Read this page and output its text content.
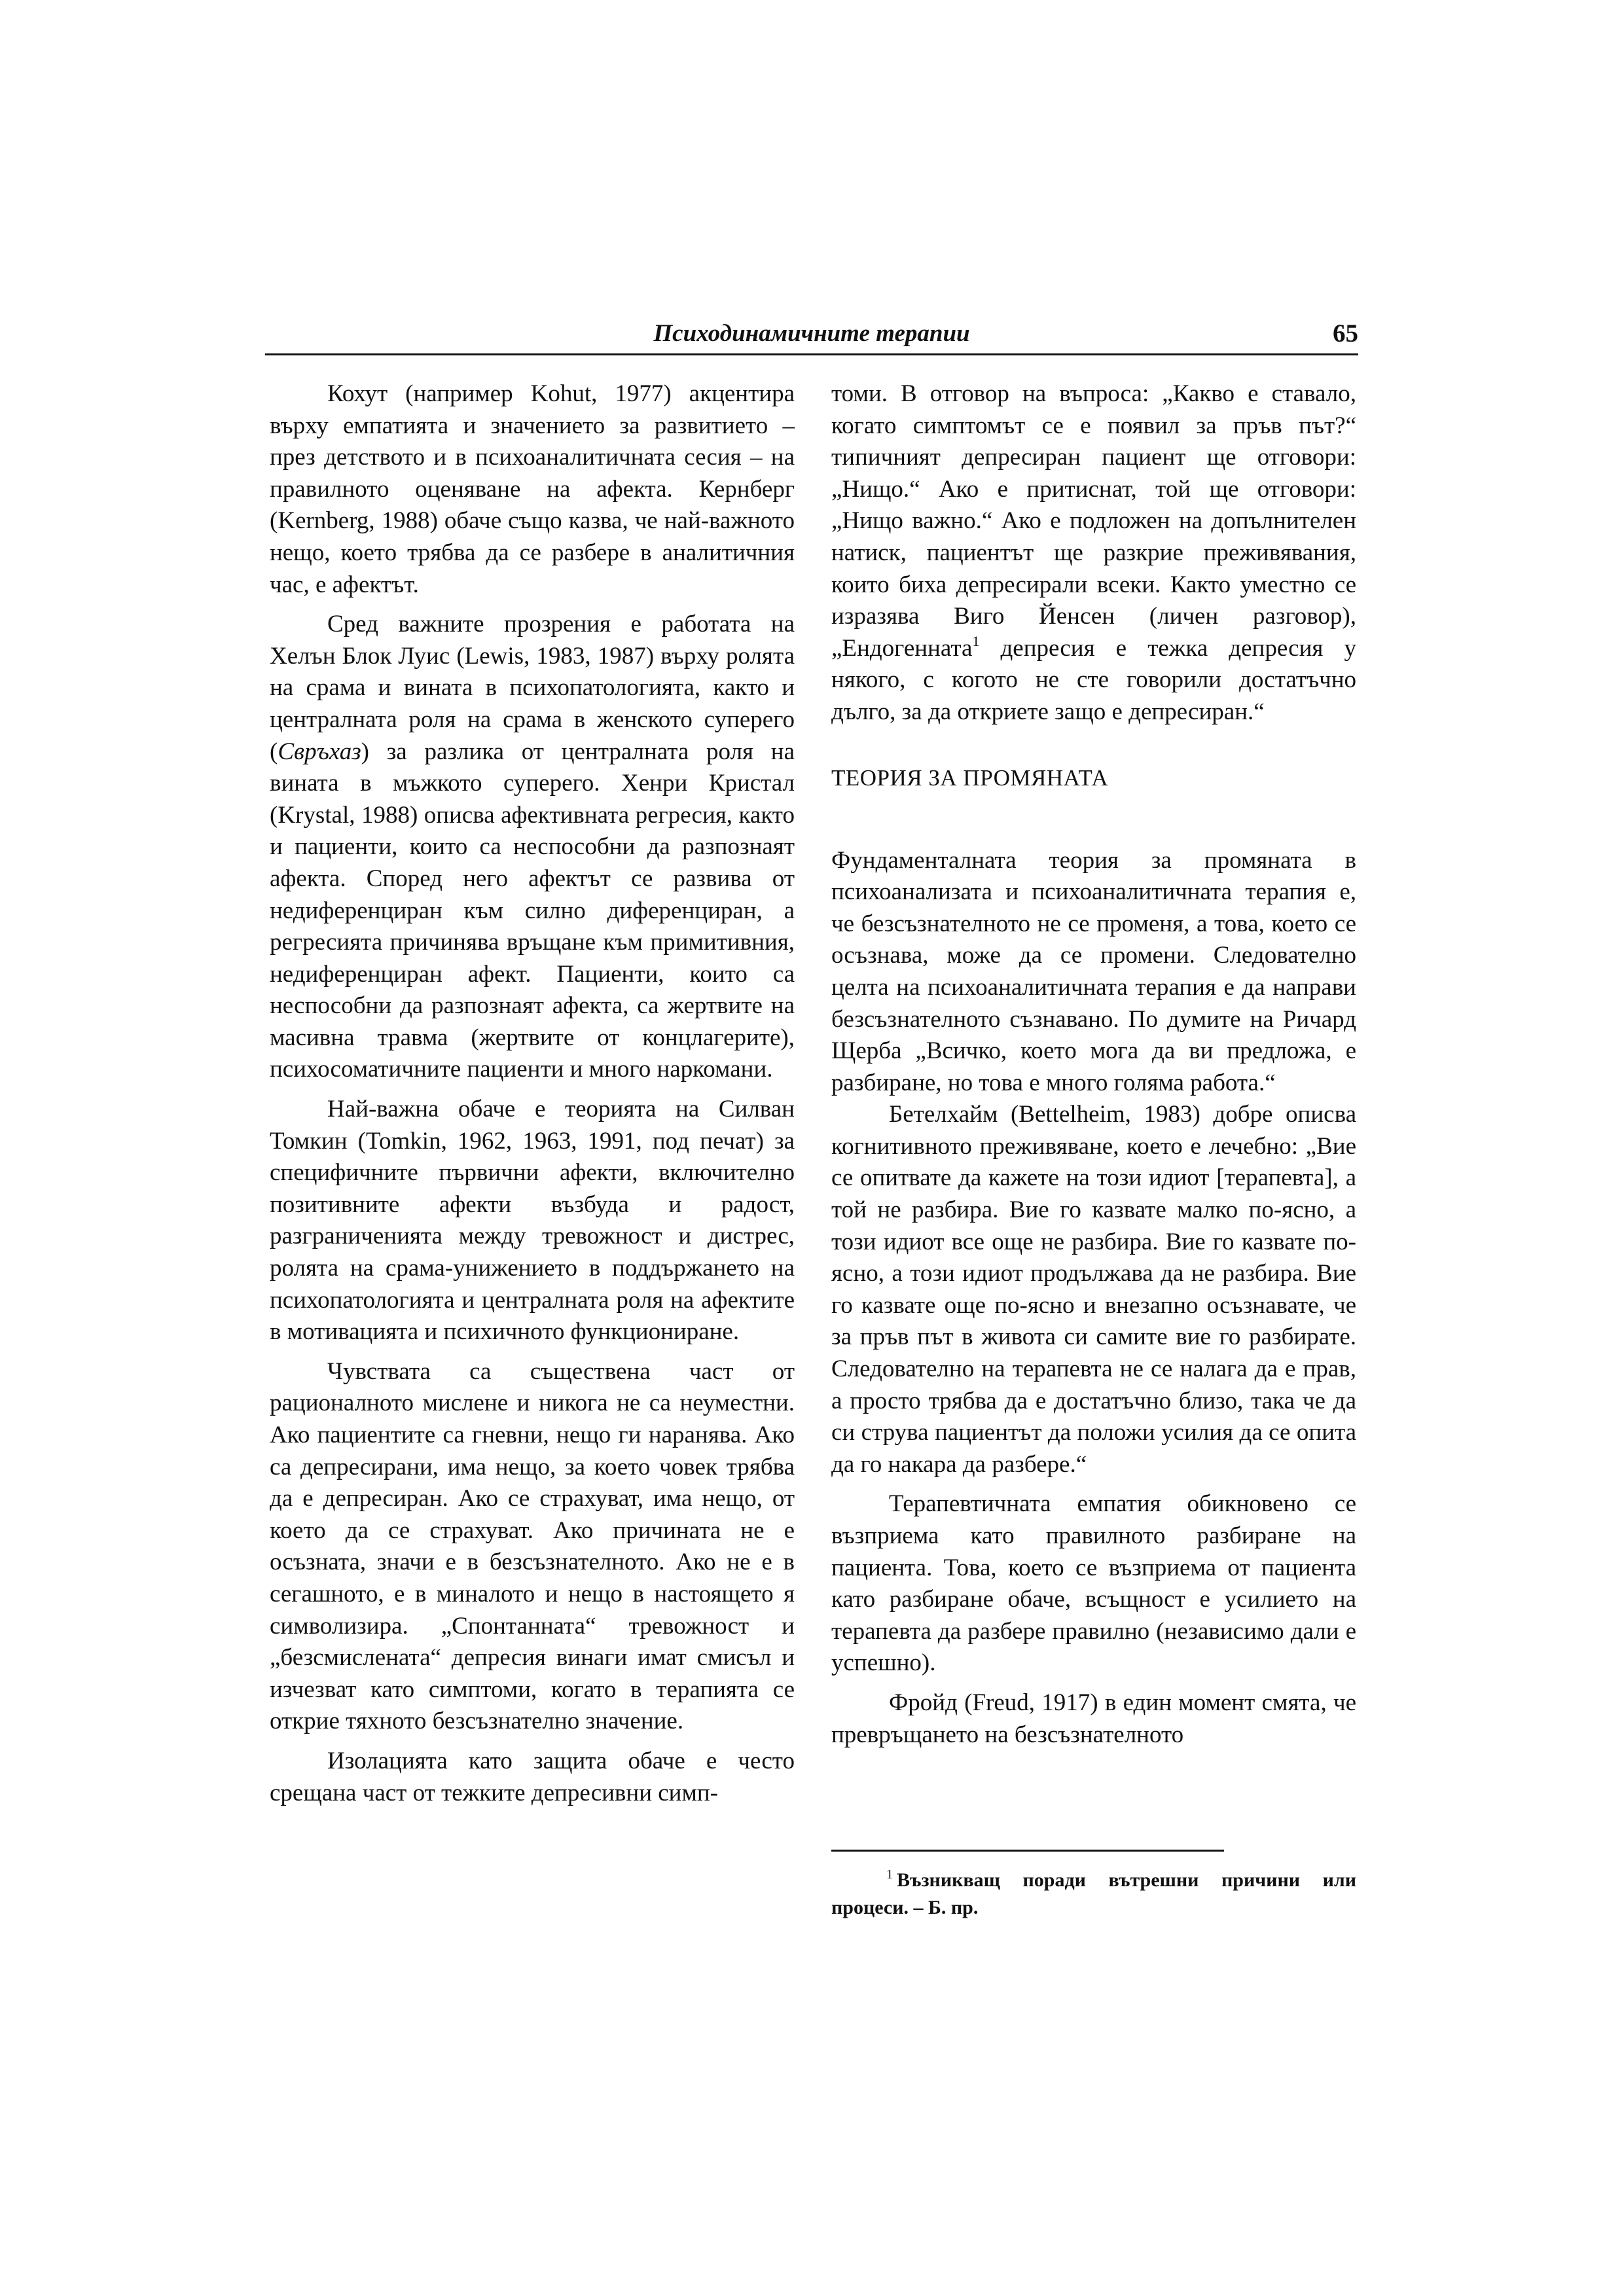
Психодинамичните терапии	65

Кохут (например Kohut, 1977) акцентира върху емпатията и значението за развитието – през детството и в психоаналитичната сесия – на правилното оценяване на афекта. Кернберг (Kernberg, 1988) обаче също казва, че най-важното нещо, което трябва да се разбере в аналитичния час, е афектът.

Сред важните прозрения е работата на Хелън Блок Луис (Lewis, 1983, 1987) върху ролята на срама и вината в психопатологията, както и централната роля на срама в женското суперего (Свръхаз) за разлика от централната роля на вината в мъжкото суперего. Хенри Кристал (Krystal, 1988) описва афективната регресия, както и пациенти, които са неспособни да разпознаят афекта. Според него афектът се развива от недиференциран към силно диференциран, а регресията причинява връщане към примитивния, недиференциран афект. Пациенти, които са неспособни да разпознаят афекта, са жертвите на масивна травма (жертвите от концлагерите), психосоматичните пациенти и много наркомани.

Най-важна обаче е теорията на Силван Томкин (Tomkin, 1962, 1963, 1991, под печат) за специфичните първични афекти, включително позитивните афекти възбуда и радост, разграниченията между тревожност и дистрес, ролята на срама-унижението в поддържането на психопатологията и централната роля на афектите в мотивацията и психичното функциониране.

Чувствата са съществена част от рационалното мислене и никога не са неуместни. Ако пациентите са гневни, нещо ги наранява. Ако са депресирани, има нещо, за което човек трябва да е депресиран. Ако се страхуват, има нещо, от което да се страхуват. Ако причината не е осъзната, значи е в безсъзнателното. Ако не е в сегашното, е в миналото и нещо в настоящето я символизира. „Спонтанната“ тревожност и „безсмислената“ депресия винаги имат смисъл и изчезват като симптоми, когато в терапията се открие тяхното безсъзнателно значение.

Изолацията като защита обаче е често срещана част от тежките депресивни симп-

томи. В отговор на въпроса: „Какво е ставало, когато симптомът се е появил за пръв път?“ типичният депресиран пациент ще отговори: „Нищо.“ Ако е притиснат, той ще отговори: „Нищо важно.“ Ако е подложен на допълнителен натиск, пациентът ще разкрие преживявания, които биха депресирали всеки. Както уместно се изразява Виго Йенсен (личен разговор), „Ендогенната$^1$ депресия е тежка депресия у някого, с когото не сте говорили достатъчно дълго, за да откриете защо е депресиран.“

ТЕОРИЯ ЗА ПРОМЯНАТА

Фундаменталната теория за промяната в психоанализата и психоаналитичната терапия е, че безсъзнателното не се променя, а това, което се осъзнава, може да се промени. Следователно целта на психоаналитичната терапия е да направи безсъзнателното съзнавано. По думите на Ричард Щерба „Всичко, което мога да ви предложа, е разбиране, но това е много голяма работа.“

Бетелхайм (Bettelheim, 1983) добре описва когнитивното преживяване, което е лечебно: „Вие се опитвате да кажете на този идиот [терапевта], а той не разбира. Вие го казвате малко по-ясно, а този идиот все още не разбира. Вие го казвате по-ясно, а този идиот продължава да не разбира. Вие го казвате още по-ясно и внезапно осъзнавате, че за пръв път в живота си самите вие го разбирате. Следователно на терапевта не се налага да е прав, а просто трябва да е достатъчно близо, така че да си струва пациентът да положи усилия да се опита да го накара да разбере.“

Терапевтичната емпатия обикновено се възприема като правилното разбиране на пациента. Това, което се възприема от пациента като разбиране обаче, всъщност е усилието на терапевта да разбере правилно (независимо дали е успешно).

Фройд (Freud, 1917) в един момент смята, че превръщането на безсъзнателното

$^1$ Възникващ поради вътрешни причини или процеси. – Б. пр.
